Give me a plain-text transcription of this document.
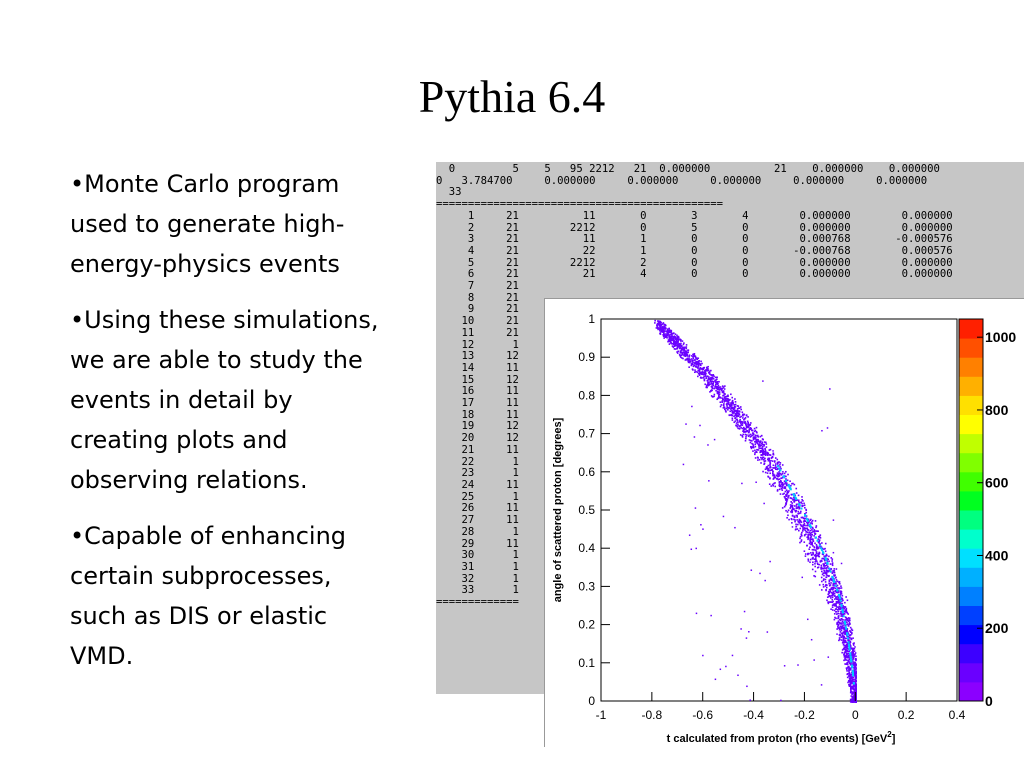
Pythia 6.4
•Monte Carlo program used to generate high-energy-physics events
•Using these simulations, we are able to study the events in detail by creating plots and observing relations.
•Capable of enhancing certain subprocesses, such as DIS or elastic VMD.
0         5    5   95 2212   21  0.000000          21    0.000000    0.000000
0   3.784700     0.000000     0.000000     0.000000     0.000000     0.000000
33
=============================================
1     21          11       0       3       4        0.000000        0.000000
2     21        2212       0       5       0        0.000000        0.000000
3     21          11       1       0       0        0.000768       -0.000576
4     21          22       1       0       0       -0.000768        0.000576
5     21        2212       2       0       0        0.000000        0.000000
6     21          21       4       0       0        0.000000        0.000000
7     21
8     21
9     21
10     21
11     21
12      1
13     12
14     11
15     12
16     11
17     11
18     11
19     12
20     12
21     11
22      1
23      1
24     11
25      1
26     11
27     11
28      1
29     11
30      1
31      1
32      1
33      1
=============
-1	-0.8	-0.6	-0.4	-0.2	0	0.2	0.4
0
0.1
0.2
0.3
0.4
0.5
0.6
0.7
0.8
0.9
1
t calculated from proton (rho events) [GeV$^2$]
angle of scattered proton [degrees]
0
200
400
600
800
1000
